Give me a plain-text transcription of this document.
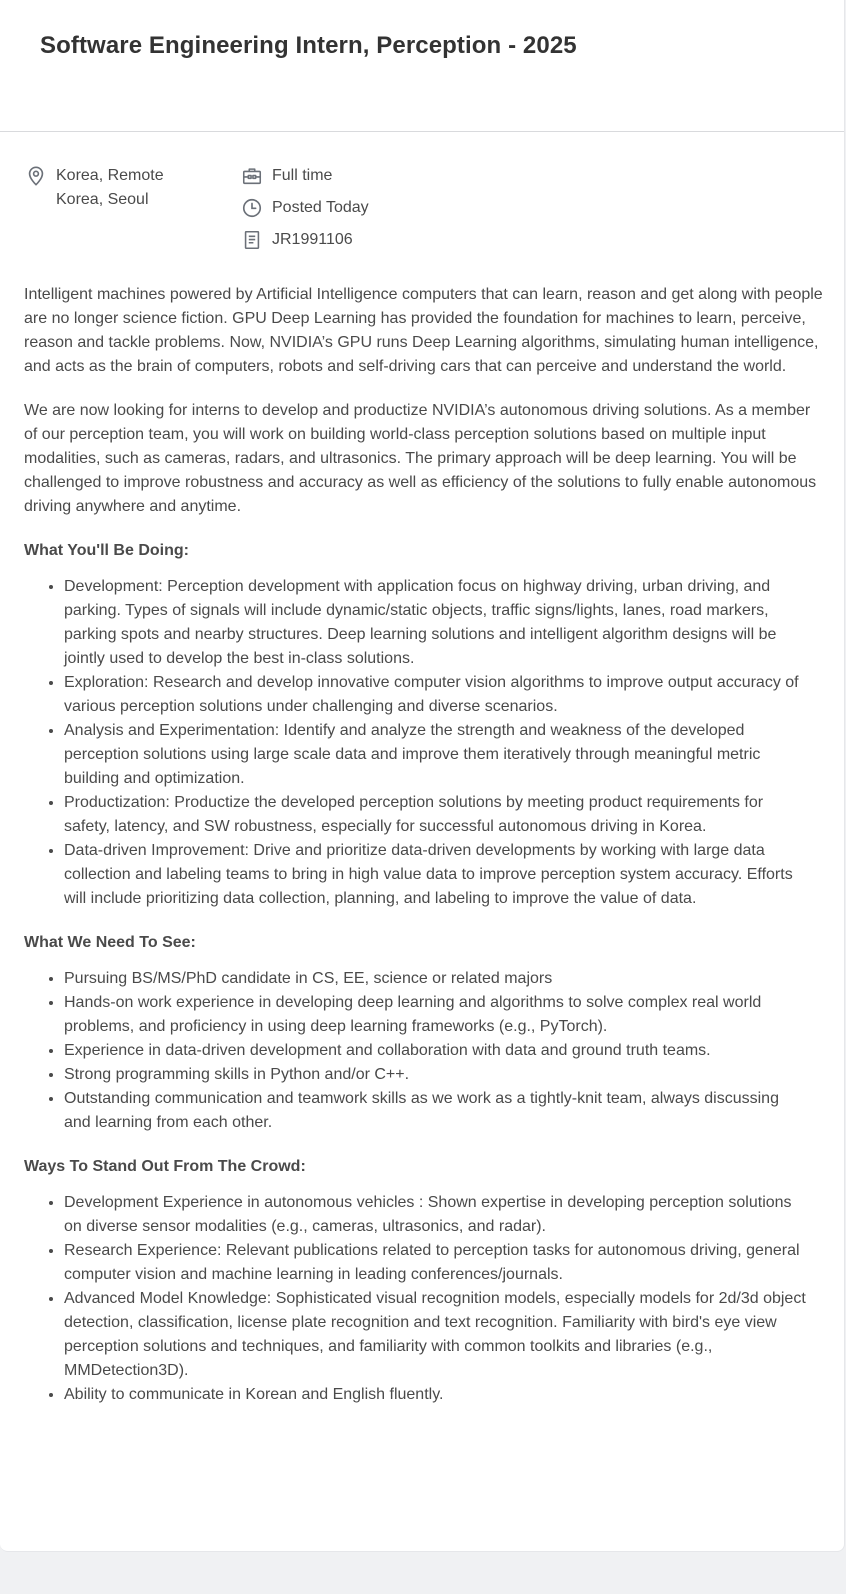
Software Engineering Intern, Perception - 2025
Korea, Remote
Korea, Seoul
Full time
Posted Today
JR1991106

Intelligent machines powered by Artificial Intelligence computers that can learn, reason and get along with people are no longer science fiction. GPU Deep Learning has provided the foundation for machines to learn, perceive, reason and tackle problems. Now, NVIDIA’s GPU runs Deep Learning algorithms, simulating human intelligence, and acts as the brain of computers, robots and self-driving cars that can perceive and understand the world.

We are now looking for interns to develop and productize NVIDIA’s autonomous driving solutions. As a member of our perception team, you will work on building world-class perception solutions based on multiple input modalities, such as cameras, radars, and ultrasonics. The primary approach will be deep learning. You will be challenged to improve robustness and accuracy as well as efficiency of the solutions to fully enable autonomous driving anywhere and anytime.

What You'll Be Doing:
• Development: Perception development with application focus on highway driving, urban driving, and parking. Types of signals will include dynamic/static objects, traffic signs/lights, lanes, road markers, parking spots and nearby structures. Deep learning solutions and intelligent algorithm designs will be jointly used to develop the best in-class solutions.
• Exploration: Research and develop innovative computer vision algorithms to improve output accuracy of various perception solutions under challenging and diverse scenarios.
• Analysis and Experimentation: Identify and analyze the strength and weakness of the developed perception solutions using large scale data and improve them iteratively through meaningful metric building and optimization.
• Productization: Productize the developed perception solutions by meeting product requirements for safety, latency, and SW robustness, especially for successful autonomous driving in Korea.
• Data-driven Improvement: Drive and prioritize data-driven developments by working with large data collection and labeling teams to bring in high value data to improve perception system accuracy. Efforts will include prioritizing data collection, planning, and labeling to improve the value of data.
What We Need To See:
• Pursuing BS/MS/PhD candidate in CS, EE, science or related majors
• Hands-on work experience in developing deep learning and algorithms to solve complex real world problems, and proficiency in using deep learning frameworks (e.g., PyTorch).
• Experience in data-driven development and collaboration with data and ground truth teams.
• Strong programming skills in Python and/or C++.
• Outstanding communication and teamwork skills as we work as a tightly-knit team, always discussing and learning from each other.
Ways To Stand Out From The Crowd:
• Development Experience in autonomous vehicles : Shown expertise in developing perception solutions on diverse sensor modalities (e.g., cameras, ultrasonics, and radar).
• Research Experience: Relevant publications related to perception tasks for autonomous driving, general computer vision and machine learning in leading conferences/journals.
• Advanced Model Knowledge: Sophisticated visual recognition models, especially models for 2d/3d object detection, classification, license plate recognition and text recognition. Familiarity with bird's eye view perception solutions and techniques, and familiarity with common toolkits and libraries (e.g., MMDetection3D).
• Ability to communicate in Korean and English fluently.
